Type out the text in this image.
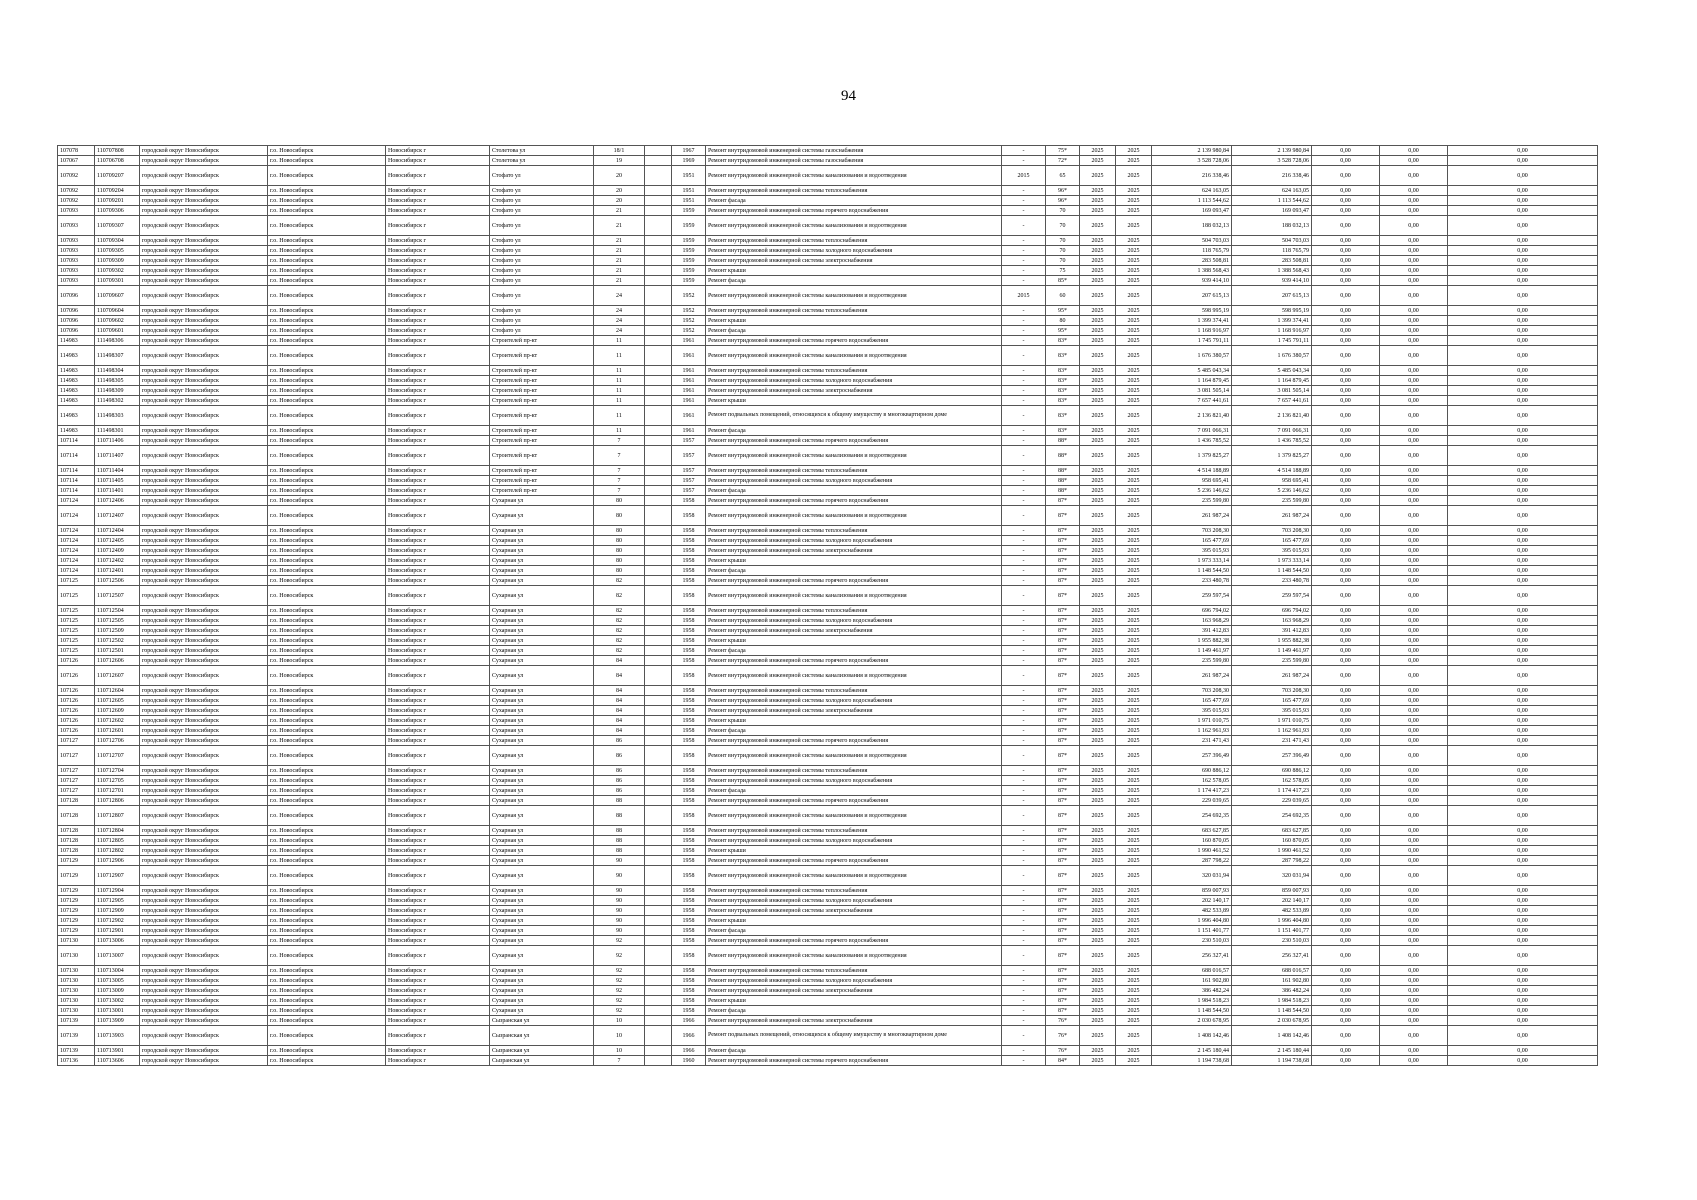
94
107078	110707808	городской округ Новосибирск	г.о. Новосибирск	Новосибирск г	Столетова ул	18/1		1967	Ремонт внутридомовой инженерной системы газоснабжения	-	75*	2025	2025	2 139 980,84	2 139 980,84	0,00	0,00	0,00
107067	110706708	городской округ Новосибирск	г.о. Новосибирск	Новосибирск г	Столетова ул	19		1969	Ремонт внутридомовой инженерной системы газоснабжения	-	72*	2025	2025	3 528 728,06	3 528 728,06	0,00	0,00	0,00
107092	110709207	городской округ Новосибирск	г.о. Новосибирск	Новосибирск г	Стофато ул	20		1951	Ремонт внутридомовой инженерной системы канализования и водоотведения	2015	65	2025	2025	216 338,46	216 338,46	0,00	0,00	0,00
107092	110709204	городской округ Новосибирск	г.о. Новосибирск	Новосибирск г	Стофато ул	20		1951	Ремонт внутридомовой инженерной системы теплоснабжения	-	96*	2025	2025	624 163,05	624 163,05	0,00	0,00	0,00
107092	110709201	городской округ Новосибирск	г.о. Новосибирск	Новосибирск г	Стофато ул	20		1951	Ремонт фасада	-	96*	2025	2025	1 113 544,62	1 113 544,62	0,00	0,00	0,00
107093	110709306	городской округ Новосибирск	г.о. Новосибирск	Новосибирск г	Стофато ул	21		1959	Ремонт внутридомовой инженерной системы горячего водоснабжения	-	70	2025	2025	169 093,47	169 093,47	0,00	0,00	0,00
107093	110709307	городской округ Новосибирск	г.о. Новосибирск	Новосибирск г	Стофато ул	21		1959	Ремонт внутридомовой инженерной системы канализования и водоотведения	-	70	2025	2025	188 032,13	188 032,13	0,00	0,00	0,00
107093	110709304	городской округ Новосибирск	г.о. Новосибирск	Новосибирск г	Стофато ул	21		1959	Ремонт внутридомовой инженерной системы теплоснабжения	-	70	2025	2025	504 703,03	504 703,03	0,00	0,00	0,00
107093	110709305	городской округ Новосибирск	г.о. Новосибирск	Новосибирск г	Стофато ул	21		1959	Ремонт внутридомовой инженерной системы холодного водоснабжения	-	70	2025	2025	118 765,79	118 765,79	0,00	0,00	0,00
107093	110709309	городской округ Новосибирск	г.о. Новосибирск	Новосибирск г	Стофато ул	21		1959	Ремонт внутридомовой инженерной системы электроснабжения	-	70	2025	2025	283 508,81	283 508,81	0,00	0,00	0,00
107093	110709302	городской округ Новосибирск	г.о. Новосибирск	Новосибирск г	Стофато ул	21		1959	Ремонт крыши	-	75	2025	2025	1 388 568,43	1 388 568,43	0,00	0,00	0,00
107093	110709301	городской округ Новосибирск	г.о. Новосибирск	Новосибирск г	Стофато ул	21		1959	Ремонт фасада	-	85*	2025	2025	939 414,10	939 414,10	0,00	0,00	0,00
107096	110709607	городской округ Новосибирск	г.о. Новосибирск	Новосибирск г	Стофато ул	24		1952	Ремонт внутридомовой инженерной системы канализования и водоотведения	2015	60	2025	2025	207 615,13	207 615,13	0,00	0,00	0,00
107096	110709604	городской округ Новосибирск	г.о. Новосибирск	Новосибирск г	Стофато ул	24		1952	Ремонт внутридомовой инженерной системы теплоснабжения	-	95*	2025	2025	598 995,19	598 995,19	0,00	0,00	0,00
107096	110709602	городской округ Новосибирск	г.о. Новосибирск	Новосибирск г	Стофато ул	24		1952	Ремонт крыши	-	80	2025	2025	1 399 374,41	1 399 374,41	0,00	0,00	0,00
107096	110709601	городской округ Новосибирск	г.о. Новосибирск	Новосибирск г	Стофато ул	24		1952	Ремонт фасада	-	95*	2025	2025	1 168 916,97	1 168 916,97	0,00	0,00	0,00
114983	111498306	городской округ Новосибирск	г.о. Новосибирск	Новосибирск г	Строителей пр-кт	11		1961	Ремонт внутридомовой инженерной системы горячего водоснабжения	-	83*	2025	2025	1 745 791,11	1 745 791,11	0,00	0,00	0,00
114983	111498307	городской округ Новосибирск	г.о. Новосибирск	Новосибирск г	Строителей пр-кт	11		1961	Ремонт внутридомовой инженерной системы канализования и водоотведения	-	83*	2025	2025	1 676 380,57	1 676 380,57	0,00	0,00	0,00
114983	111498304	городской округ Новосибирск	г.о. Новосибирск	Новосибирск г	Строителей пр-кт	11		1961	Ремонт внутридомовой инженерной системы теплоснабжения	-	83*	2025	2025	5 485 043,34	5 485 043,34	0,00	0,00	0,00
114983	111498305	городской округ Новосибирск	г.о. Новосибирск	Новосибирск г	Строителей пр-кт	11		1961	Ремонт внутридомовой инженерной системы холодного водоснабжения	-	83*	2025	2025	1 164 879,45	1 164 879,45	0,00	0,00	0,00
114983	111498309	городской округ Новосибирск	г.о. Новосибирск	Новосибирск г	Строителей пр-кт	11		1961	Ремонт внутридомовой инженерной системы электроснабжения	-	83*	2025	2025	3 081 505,14	3 081 505,14	0,00	0,00	0,00
114983	111498302	городской округ Новосибирск	г.о. Новосибирск	Новосибирск г	Строителей пр-кт	11		1961	Ремонт крыши	-	83*	2025	2025	7 657 441,61	7 657 441,61	0,00	0,00	0,00
114983	111498303	городской округ Новосибирск	г.о. Новосибирск	Новосибирск г	Строителей пр-кт	11		1961	Ремонт подвальных помещений, относящихся к общему имуществу в многоквартирном доме	-	83*	2025	2025	2 136 821,40	2 136 821,40	0,00	0,00	0,00
114983	111498301	городской округ Новосибирск	г.о. Новосибирск	Новосибирск г	Строителей пр-кт	11		1961	Ремонт фасада	-	83*	2025	2025	7 091 066,31	7 091 066,31	0,00	0,00	0,00
107114	110711406	городской округ Новосибирск	г.о. Новосибирск	Новосибирск г	Строителей пр-кт	7		1957	Ремонт внутридомовой инженерной системы горячего водоснабжения	-	88*	2025	2025	1 436 785,52	1 436 785,52	0,00	0,00	0,00
107114	110711407	городской округ Новосибирск	г.о. Новосибирск	Новосибирск г	Строителей пр-кт	7		1957	Ремонт внутридомовой инженерной системы канализования и водоотведения	-	88*	2025	2025	1 379 825,27	1 379 825,27	0,00	0,00	0,00
107114	110711404	городской округ Новосибирск	г.о. Новосибирск	Новосибирск г	Строителей пр-кт	7		1957	Ремонт внутридомовой инженерной системы теплоснабжения	-	88*	2025	2025	4 514 188,89	4 514 188,89	0,00	0,00	0,00
107114	110711405	городской округ Новосибирск	г.о. Новосибирск	Новосибирск г	Строителей пр-кт	7		1957	Ремонт внутридомовой инженерной системы холодного водоснабжения	-	88*	2025	2025	958 695,41	958 695,41	0,00	0,00	0,00
107114	110711401	городской округ Новосибирск	г.о. Новосибирск	Новосибирск г	Строителей пр-кт	7		1957	Ремонт фасада	-	88*	2025	2025	5 236 146,62	5 236 146,62	0,00	0,00	0,00
107124	110712406	городской округ Новосибирск	г.о. Новосибирск	Новосибирск г	Сухарная ул	80		1958	Ремонт внутридомовой инженерной системы горячего водоснабжения	-	87*	2025	2025	235 599,80	235 599,80	0,00	0,00	0,00
107124	110712407	городской округ Новосибирск	г.о. Новосибирск	Новосибирск г	Сухарная ул	80		1958	Ремонт внутридомовой инженерной системы канализования и водоотведения	-	87*	2025	2025	261 987,24	261 987,24	0,00	0,00	0,00
107124	110712404	городской округ Новосибирск	г.о. Новосибирск	Новосибирск г	Сухарная ул	80		1958	Ремонт внутридомовой инженерной системы теплоснабжения	-	87*	2025	2025	703 208,30	703 208,30	0,00	0,00	0,00
107124	110712405	городской округ Новосибирск	г.о. Новосибирск	Новосибирск г	Сухарная ул	80		1958	Ремонт внутридомовой инженерной системы холодного водоснабжения	-	87*	2025	2025	165 477,69	165 477,69	0,00	0,00	0,00
107124	110712409	городской округ Новосибирск	г.о. Новосибирск	Новосибирск г	Сухарная ул	80		1958	Ремонт внутридомовой инженерной системы электроснабжения	-	87*	2025	2025	395 015,93	395 015,93	0,00	0,00	0,00
107124	110712402	городской округ Новосибирск	г.о. Новосибирск	Новосибирск г	Сухарная ул	80		1958	Ремонт крыши	-	87*	2025	2025	1 973 333,14	1 973 333,14	0,00	0,00	0,00
107124	110712401	городской округ Новосибирск	г.о. Новосибирск	Новосибирск г	Сухарная ул	80		1958	Ремонт фасада	-	87*	2025	2025	1 148 544,50	1 148 544,50	0,00	0,00	0,00
107125	110712506	городской округ Новосибирск	г.о. Новосибирск	Новосибирск г	Сухарная ул	82		1958	Ремонт внутридомовой инженерной системы горячего водоснабжения	-	87*	2025	2025	233 480,78	233 480,78	0,00	0,00	0,00
107125	110712507	городской округ Новосибирск	г.о. Новосибирск	Новосибирск г	Сухарная ул	82		1958	Ремонт внутридомовой инженерной системы канализования и водоотведения	-	87*	2025	2025	259 597,54	259 597,54	0,00	0,00	0,00
107125	110712504	городской округ Новосибирск	г.о. Новосибирск	Новосибирск г	Сухарная ул	82		1958	Ремонт внутридомовой инженерной системы теплоснабжения	-	87*	2025	2025	696 794,02	696 794,02	0,00	0,00	0,00
107125	110712505	городской округ Новосибирск	г.о. Новосибирск	Новосибирск г	Сухарная ул	82		1958	Ремонт внутридомовой инженерной системы холодного водоснабжения	-	87*	2025	2025	163 968,29	163 968,29	0,00	0,00	0,00
107125	110712509	городской округ Новосибирск	г.о. Новосибирск	Новосибирск г	Сухарная ул	82		1958	Ремонт внутридомовой инженерной системы электроснабжения	-	87*	2025	2025	391 412,83	391 412,83	0,00	0,00	0,00
107125	110712502	городской округ Новосибирск	г.о. Новосибирск	Новосибирск г	Сухарная ул	82		1958	Ремонт крыши	-	87*	2025	2025	1 955 882,38	1 955 882,38	0,00	0,00	0,00
107125	110712501	городской округ Новосибирск	г.о. Новосибирск	Новосибирск г	Сухарная ул	82		1958	Ремонт фасада	-	87*	2025	2025	1 149 461,97	1 149 461,97	0,00	0,00	0,00
107126	110712606	городской округ Новосибирск	г.о. Новосибирск	Новосибирск г	Сухарная ул	84		1958	Ремонт внутридомовой инженерной системы горячего водоснабжения	-	87*	2025	2025	235 599,80	235 599,80	0,00	0,00	0,00
107126	110712607	городской округ Новосибирск	г.о. Новосибирск	Новосибирск г	Сухарная ул	84		1958	Ремонт внутридомовой инженерной системы канализования и водоотведения	-	87*	2025	2025	261 987,24	261 987,24	0,00	0,00	0,00
107126	110712604	городской округ Новосибирск	г.о. Новосибирск	Новосибирск г	Сухарная ул	84		1958	Ремонт внутридомовой инженерной системы теплоснабжения	-	87*	2025	2025	703 208,30	703 208,30	0,00	0,00	0,00
107126	110712605	городской округ Новосибирск	г.о. Новосибирск	Новосибирск г	Сухарная ул	84		1958	Ремонт внутридомовой инженерной системы холодного водоснабжения	-	87*	2025	2025	165 477,69	165 477,69	0,00	0,00	0,00
107126	110712609	городской округ Новосибирск	г.о. Новосибирск	Новосибирск г	Сухарная ул	84		1958	Ремонт внутридомовой инженерной системы электроснабжения	-	87*	2025	2025	395 015,93	395 015,93	0,00	0,00	0,00
107126	110712602	городской округ Новосибирск	г.о. Новосибирск	Новосибирск г	Сухарная ул	84		1958	Ремонт крыши	-	87*	2025	2025	1 971 010,75	1 971 010,75	0,00	0,00	0,00
107126	110712601	городской округ Новосибирск	г.о. Новосибирск	Новосибирск г	Сухарная ул	84		1958	Ремонт фасада	-	87*	2025	2025	1 162 961,93	1 162 961,93	0,00	0,00	0,00
107127	110712706	городской округ Новосибирск	г.о. Новосибирск	Новосибирск г	Сухарная ул	86		1958	Ремонт внутридомовой инженерной системы горячего водоснабжения	-	87*	2025	2025	231 471,43	231 471,43	0,00	0,00	0,00
107127	110712707	городской округ Новосибирск	г.о. Новосибирск	Новосибирск г	Сухарная ул	86		1958	Ремонт внутридомовой инженерной системы канализования и водоотведения	-	87*	2025	2025	257 396,49	257 396,49	0,00	0,00	0,00
107127	110712704	городской округ Новосибирск	г.о. Новосибирск	Новосибирск г	Сухарная ул	86		1958	Ремонт внутридомовой инженерной системы теплоснабжения	-	87*	2025	2025	690 886,12	690 886,12	0,00	0,00	0,00
107127	110712705	городской округ Новосибирск	г.о. Новосибирск	Новосибирск г	Сухарная ул	86		1958	Ремонт внутридомовой инженерной системы холодного водоснабжения	-	87*	2025	2025	162 578,05	162 578,05	0,00	0,00	0,00
107127	110712701	городской округ Новосибирск	г.о. Новосибирск	Новосибирск г	Сухарная ул	86		1958	Ремонт фасада	-	87*	2025	2025	1 174 417,23	1 174 417,23	0,00	0,00	0,00
107128	110712806	городской округ Новосибирск	г.о. Новосибирск	Новосибирск г	Сухарная ул	88		1958	Ремонт внутридомовой инженерной системы горячего водоснабжения	-	87*	2025	2025	229 039,65	229 039,65	0,00	0,00	0,00
107128	110712807	городской округ Новосибирск	г.о. Новосибирск	Новосибирск г	Сухарная ул	88		1958	Ремонт внутридомовой инженерной системы канализования и водоотведения	-	87*	2025	2025	254 692,35	254 692,35	0,00	0,00	0,00
107128	110712804	городской округ Новосибирск	г.о. Новосибирск	Новосибирск г	Сухарная ул	88		1958	Ремонт внутридомовой инженерной системы теплоснабжения	-	87*	2025	2025	683 627,85	683 627,85	0,00	0,00	0,00
107128	110712805	городской округ Новосибирск	г.о. Новосибирск	Новосибирск г	Сухарная ул	88		1958	Ремонт внутридомовой инженерной системы холодного водоснабжения	-	87*	2025	2025	160 870,05	160 870,05	0,00	0,00	0,00
107128	110712802	городской округ Новосибирск	г.о. Новосибирск	Новосибирск г	Сухарная ул	88		1958	Ремонт крыши	-	87*	2025	2025	1 990 461,52	1 990 461,52	0,00	0,00	0,00
107129	110712906	городской округ Новосибирск	г.о. Новосибирск	Новосибирск г	Сухарная ул	90		1958	Ремонт внутридомовой инженерной системы горячего водоснабжения	-	87*	2025	2025	287 798,22	287 798,22	0,00	0,00	0,00
107129	110712907	городской округ Новосибирск	г.о. Новосибирск	Новосибирск г	Сухарная ул	90		1958	Ремонт внутридомовой инженерной системы канализования и водоотведения	-	87*	2025	2025	320 031,94	320 031,94	0,00	0,00	0,00
107129	110712904	городской округ Новосибирск	г.о. Новосибирск	Новосибирск г	Сухарная ул	90		1958	Ремонт внутридомовой инженерной системы теплоснабжения	-	87*	2025	2025	859 007,93	859 007,93	0,00	0,00	0,00
107129	110712905	городской округ Новосибирск	г.о. Новосибирск	Новосибирск г	Сухарная ул	90		1958	Ремонт внутридомовой инженерной системы холодного водоснабжения	-	87*	2025	2025	202 140,17	202 140,17	0,00	0,00	0,00
107129	110712909	городской округ Новосибирск	г.о. Новосибирск	Новосибирск г	Сухарная ул	90		1958	Ремонт внутридомовой инженерной системы электроснабжения	-	87*	2025	2025	482 533,89	482 533,89	0,00	0,00	0,00
107129	110712902	городской округ Новосибирск	г.о. Новосибирск	Новосибирск г	Сухарная ул	90		1958	Ремонт крыши	-	87*	2025	2025	1 996 404,80	1 996 404,80	0,00	0,00	0,00
107129	110712901	городской округ Новосибирск	г.о. Новосибирск	Новосибирск г	Сухарная ул	90		1958	Ремонт фасада	-	87*	2025	2025	1 151 401,77	1 151 401,77	0,00	0,00	0,00
107130	110713006	городской округ Новосибирск	г.о. Новосибирск	Новосибирск г	Сухарная ул	92		1958	Ремонт внутридомовой инженерной системы горячего водоснабжения	-	87*	2025	2025	230 510,03	230 510,03	0,00	0,00	0,00
107130	110713007	городской округ Новосибирск	г.о. Новосибирск	Новосибирск г	Сухарная ул	92		1958	Ремонт внутридомовой инженерной системы канализования и водоотведения	-	87*	2025	2025	256 327,41	256 327,41	0,00	0,00	0,00
107130	110713004	городской округ Новосибирск	г.о. Новосибирск	Новосибирск г	Сухарная ул	92		1958	Ремонт внутридомовой инженерной системы теплоснабжения	-	87*	2025	2025	688 016,57	688 016,57	0,00	0,00	0,00
107130	110713005	городской округ Новосибирск	г.о. Новосибирск	Новосибирск г	Сухарная ул	92		1958	Ремонт внутридомовой инженерной системы холодного водоснабжения	-	87*	2025	2025	161 902,80	161 902,80	0,00	0,00	0,00
107130	110713009	городской округ Новосибирск	г.о. Новосибирск	Новосибирск г	Сухарная ул	92		1958	Ремонт внутридомовой инженерной системы электроснабжения	-	87*	2025	2025	386 482,24	386 482,24	0,00	0,00	0,00
107130	110713002	городской округ Новосибирск	г.о. Новосибирск	Новосибирск г	Сухарная ул	92		1958	Ремонт крыши	-	87*	2025	2025	1 984 518,23	1 984 518,23	0,00	0,00	0,00
107130	110713001	городской округ Новосибирск	г.о. Новосибирск	Новосибирск г	Сухарная ул	92		1958	Ремонт фасада	-	87*	2025	2025	1 148 544,50	1 148 544,50	0,00	0,00	0,00
107139	110713909	городской округ Новосибирск	г.о. Новосибирск	Новосибирск г	Сызранская ул	10		1966	Ремонт внутридомовой инженерной системы электроснабжения	-	76*	2025	2025	2 030 678,95	2 030 678,95	0,00	0,00	0,00
107139	110713903	городской округ Новосибирск	г.о. Новосибирск	Новосибирск г	Сызранская ул	10		1966	Ремонт подвальных помещений, относящихся к общему имуществу в многоквартирном доме	-	76*	2025	2025	1 408 142,46	1 408 142,46	0,00	0,00	0,00
107139	110713901	городской округ Новосибирск	г.о. Новосибирск	Новосибирск г	Сызранская ул	10		1966	Ремонт фасада	-	76*	2025	2025	2 145 180,44	2 145 180,44	0,00	0,00	0,00
107136	110713606	городской округ Новосибирск	г.о. Новосибирск	Новосибирск г	Сызранская ул	7		1960	Ремонт внутридомовой инженерной системы горячего водоснабжения	-	84*	2025	2025	1 194 738,68	1 194 738,68	0,00	0,00	0,00
